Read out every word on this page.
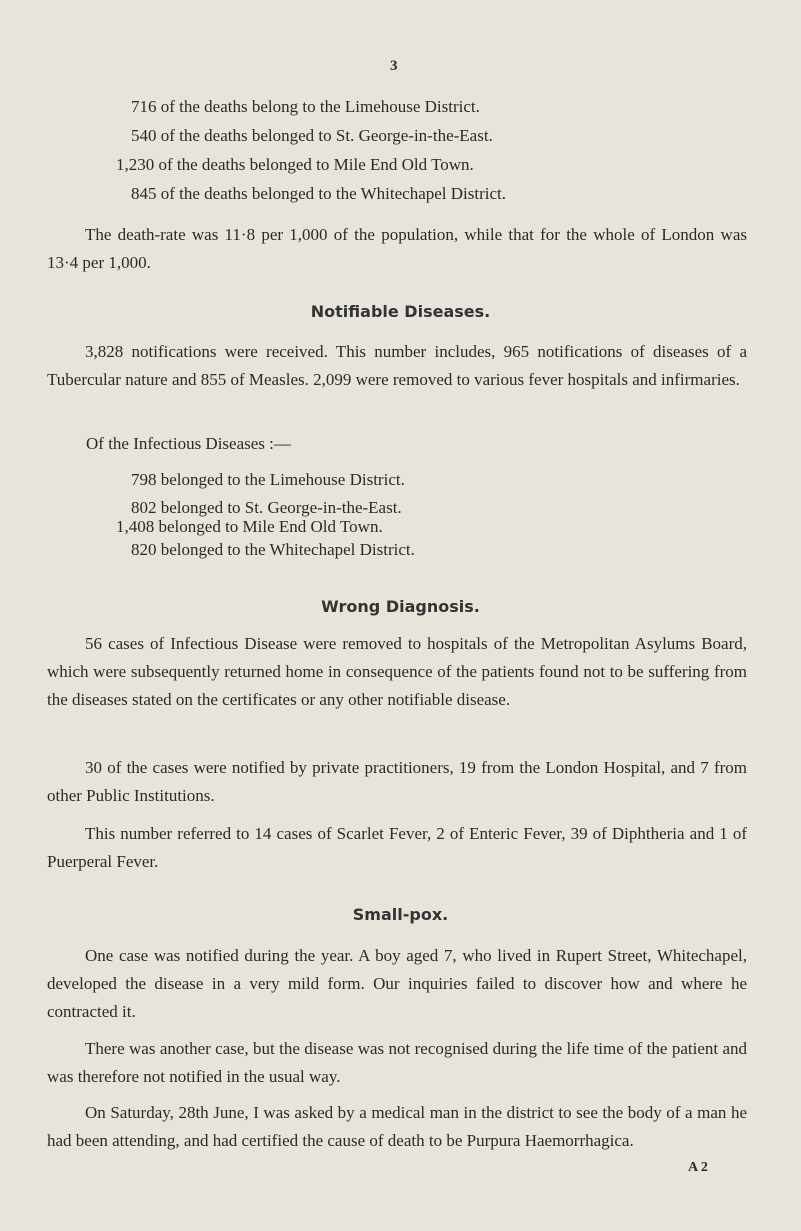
3
716 of the deaths belong to the Limehouse District.
540 of the deaths belonged to St. George-in-the-East.
1,230 of the deaths belonged to Mile End Old Town.
845 of the deaths belonged to the Whitechapel District.

The death-rate was 11·8 per 1,000 of the population, while that for the whole of London was 13·4 per 1,000.

Notifiable Diseases.

3,828 notifications were received. This number includes, 965 notifications of diseases of a Tubercular nature and 855 of Measles. 2,099 were removed to various fever hospitals and infirmaries.

Of the Infectious Diseases :—
798 belonged to the Limehouse District.
802 belonged to St. George-in-the-East.
1,408 belonged to Mile End Old Town.
820 belonged to the Whitechapel District.
Wrong Diagnosis.

56 cases of Infectious Disease were removed to hospitals of the Metropolitan Asylums Board, which were subsequently returned home in consequence of the patients found not to be suffering from the diseases stated on the certificates or any other notifiable disease.

30 of the cases were notified by private practitioners, 19 from the London Hospital, and 7 from other Public Institutions.

This number referred to 14 cases of Scarlet Fever, 2 of Enteric Fever, 39 of Diphtheria and 1 of Puerperal Fever.

Small-pox.

One case was notified during the year. A boy aged 7, who lived in Rupert Street, Whitechapel, developed the disease in a very mild form. Our inquiries failed to discover how and where he contracted it.

There was another case, but the disease was not recognised during the life time of the patient and was therefore not notified in the usual way.

On Saturday, 28th June, I was asked by a medical man in the district to see the body of a man he had been attending, and had certified the cause of death to be Purpura Haemorrhagica.

A 2
